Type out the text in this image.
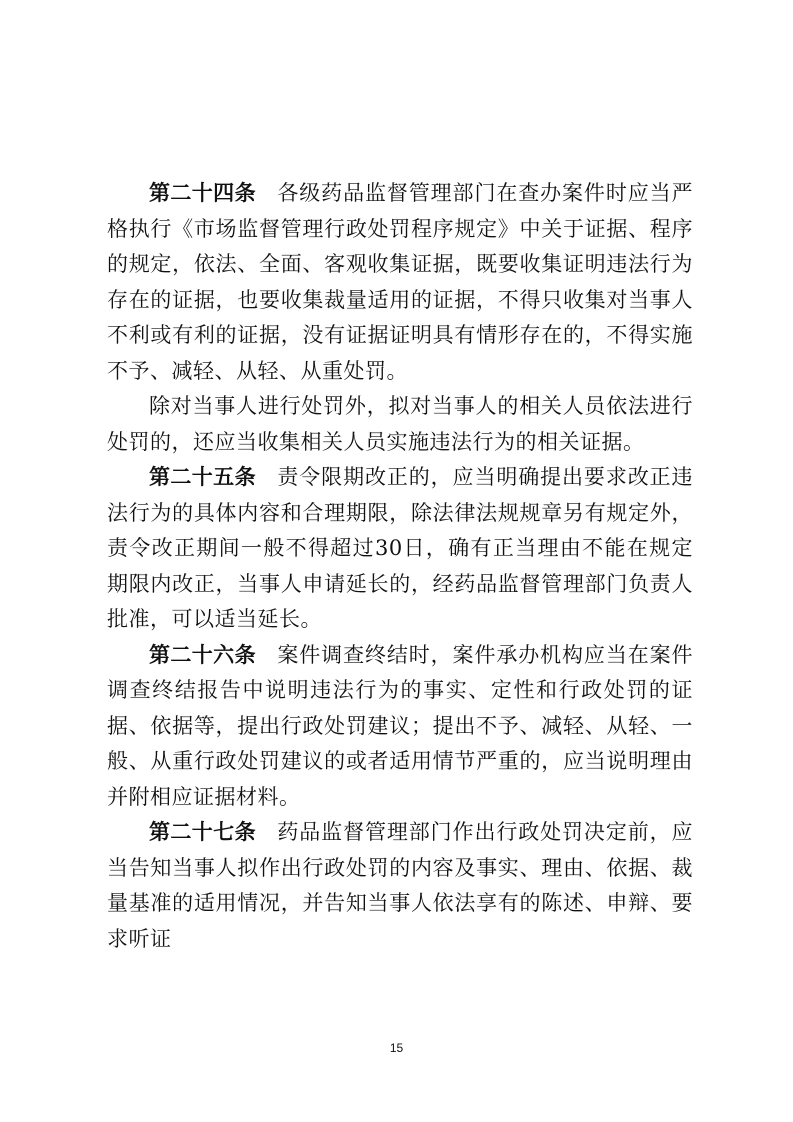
第二十四条 各级药品监督管理部门在查办案件时应当严格执行《市场监督管理行政处罚程序规定》中关于证据、程序的规定，依法、全面、客观收集证据，既要收集证明违法行为存在的证据，也要收集裁量适用的证据，不得只收集对当事人不利或有利的证据，没有证据证明具有情形存在的，不得实施不予、减轻、从轻、从重处罚。

除对当事人进行处罚外，拟对当事人的相关人员依法进行处罚的，还应当收集相关人员实施违法行为的相关证据。

第二十五条 责令限期改正的，应当明确提出要求改正违法行为的具体内容和合理期限，除法律法规规章另有规定外，责令改正期间一般不得超过30日，确有正当理由不能在规定期限内改正，当事人申请延长的，经药品监督管理部门负责人批准，可以适当延长。

第二十六条 案件调查终结时，案件承办机构应当在案件调查终结报告中说明违法行为的事实、定性和行政处罚的证据、依据等，提出行政处罚建议；提出不予、减轻、从轻、一般、从重行政处罚建议的或者适用情节严重的，应当说明理由并附相应证据材料。

第二十七条 药品监督管理部门作出行政处罚决定前，应当告知当事人拟作出行政处罚的内容及事实、理由、依据、裁量基准的适用情况，并告知当事人依法享有的陈述、申辩、要求听证

15
